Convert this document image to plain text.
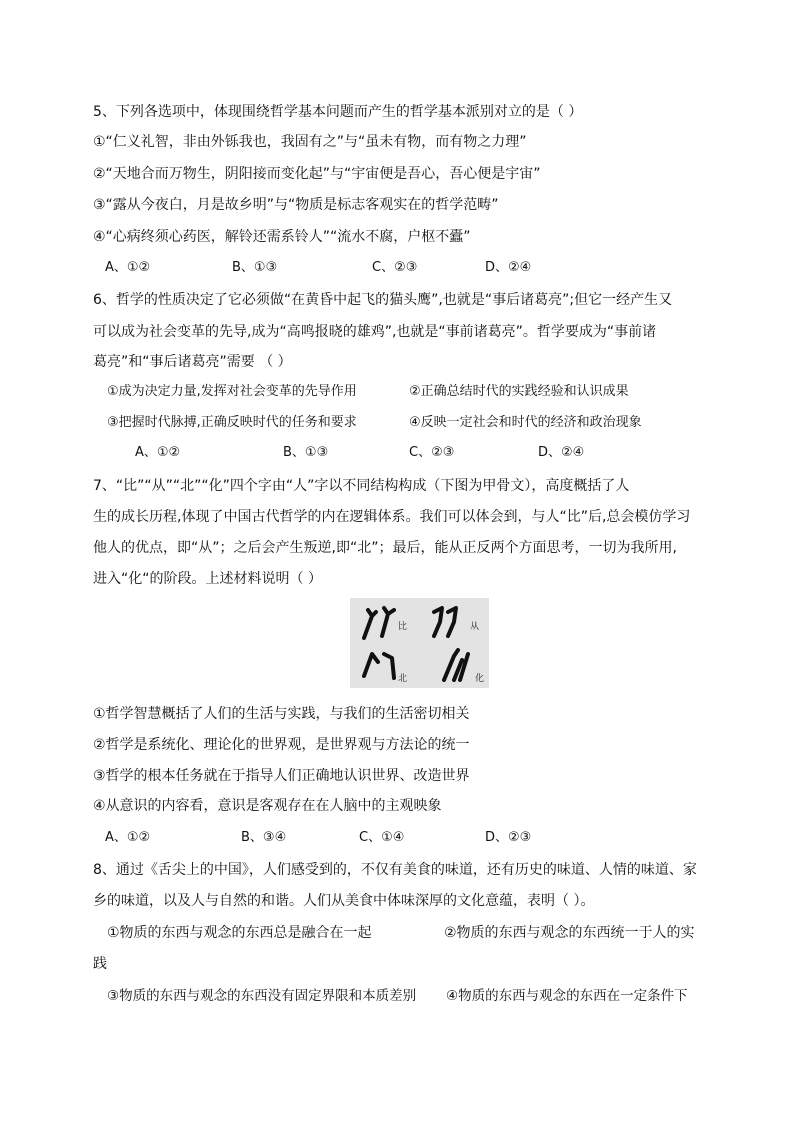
5、下列各选项中，体现围绕哲学基本问题而产生的哲学基本派别对立的是（ ）
①“仁义礼智，非由外铄我也，我固有之”与“虽未有物，而有物之力理”
②“天地合而万物生，阴阳接而变化起”与“宇宙便是吾心，吾心便是宇宙”
③“露从今夜白，月是故乡明”与“物质是标志客观实在的哲学范畴”
④“心病终须心药医，解铃还需系铃人”“流水不腐，户枢不蠹”
A、①②	B、①③	C、②③	D、②④
6、哲学的性质决定了它必须做“在黄昏中起飞的猫头鹰”,也就是“事后诸葛亮”;但它一经产生又
可以成为社会变革的先导,成为“高鸣报晓的雄鸡”,也就是“事前诸葛亮”。哲学要成为“事前诸
葛亮”和“事后诸葛亮”需要 （ ）
①成为决定力量,发挥对社会变革的先导作用	②正确总结时代的实践经验和认识成果
③把握时代脉搏,正确反映时代的任务和要求	④反映一定社会和时代的经济和政治现象
A、①②	B、①③	C、②③	D、②④
7、“比”“从”“北”“化”四个字由“人”字以不同结构构成（下图为甲骨文），高度概括了人
生的成长历程,体现了中国古代哲学的内在逻辑体系。我们可以体会到，与人“比”后,总会模仿学习
他人的优点，即“从”；之后会产生叛逆,即“北”；最后，能从正反两个方面思考，一切为我所用,
进入“化“的阶段。上述材料说明（ ）
比	从
北	化
①哲学智慧概括了人们的生活与实践，与我们的生活密切相关
②哲学是系统化、理论化的世界观，是世界观与方法论的统一
③哲学的根本任务就在于指导人们正确地认识世界、改造世界
④从意识的内容看，意识是客观存在在人脑中的主观映象
A、①②	B、③④	C、①④	D、②③
8、通过《舌尖上的中国》，人们感受到的，不仅有美食的味道，还有历史的味道、人情的味道、家
乡的味道，以及人与自然的和谐。人们从美食中体味深厚的文化意蕴，表明（ ）。
①物质的东西与观念的东西总是融合在一起	②物质的东西与观念的东西统一于人的实
践
③物质的东西与观念的东西没有固定界限和本质差别 ④物质的东西与观念的东西在一定条件下
